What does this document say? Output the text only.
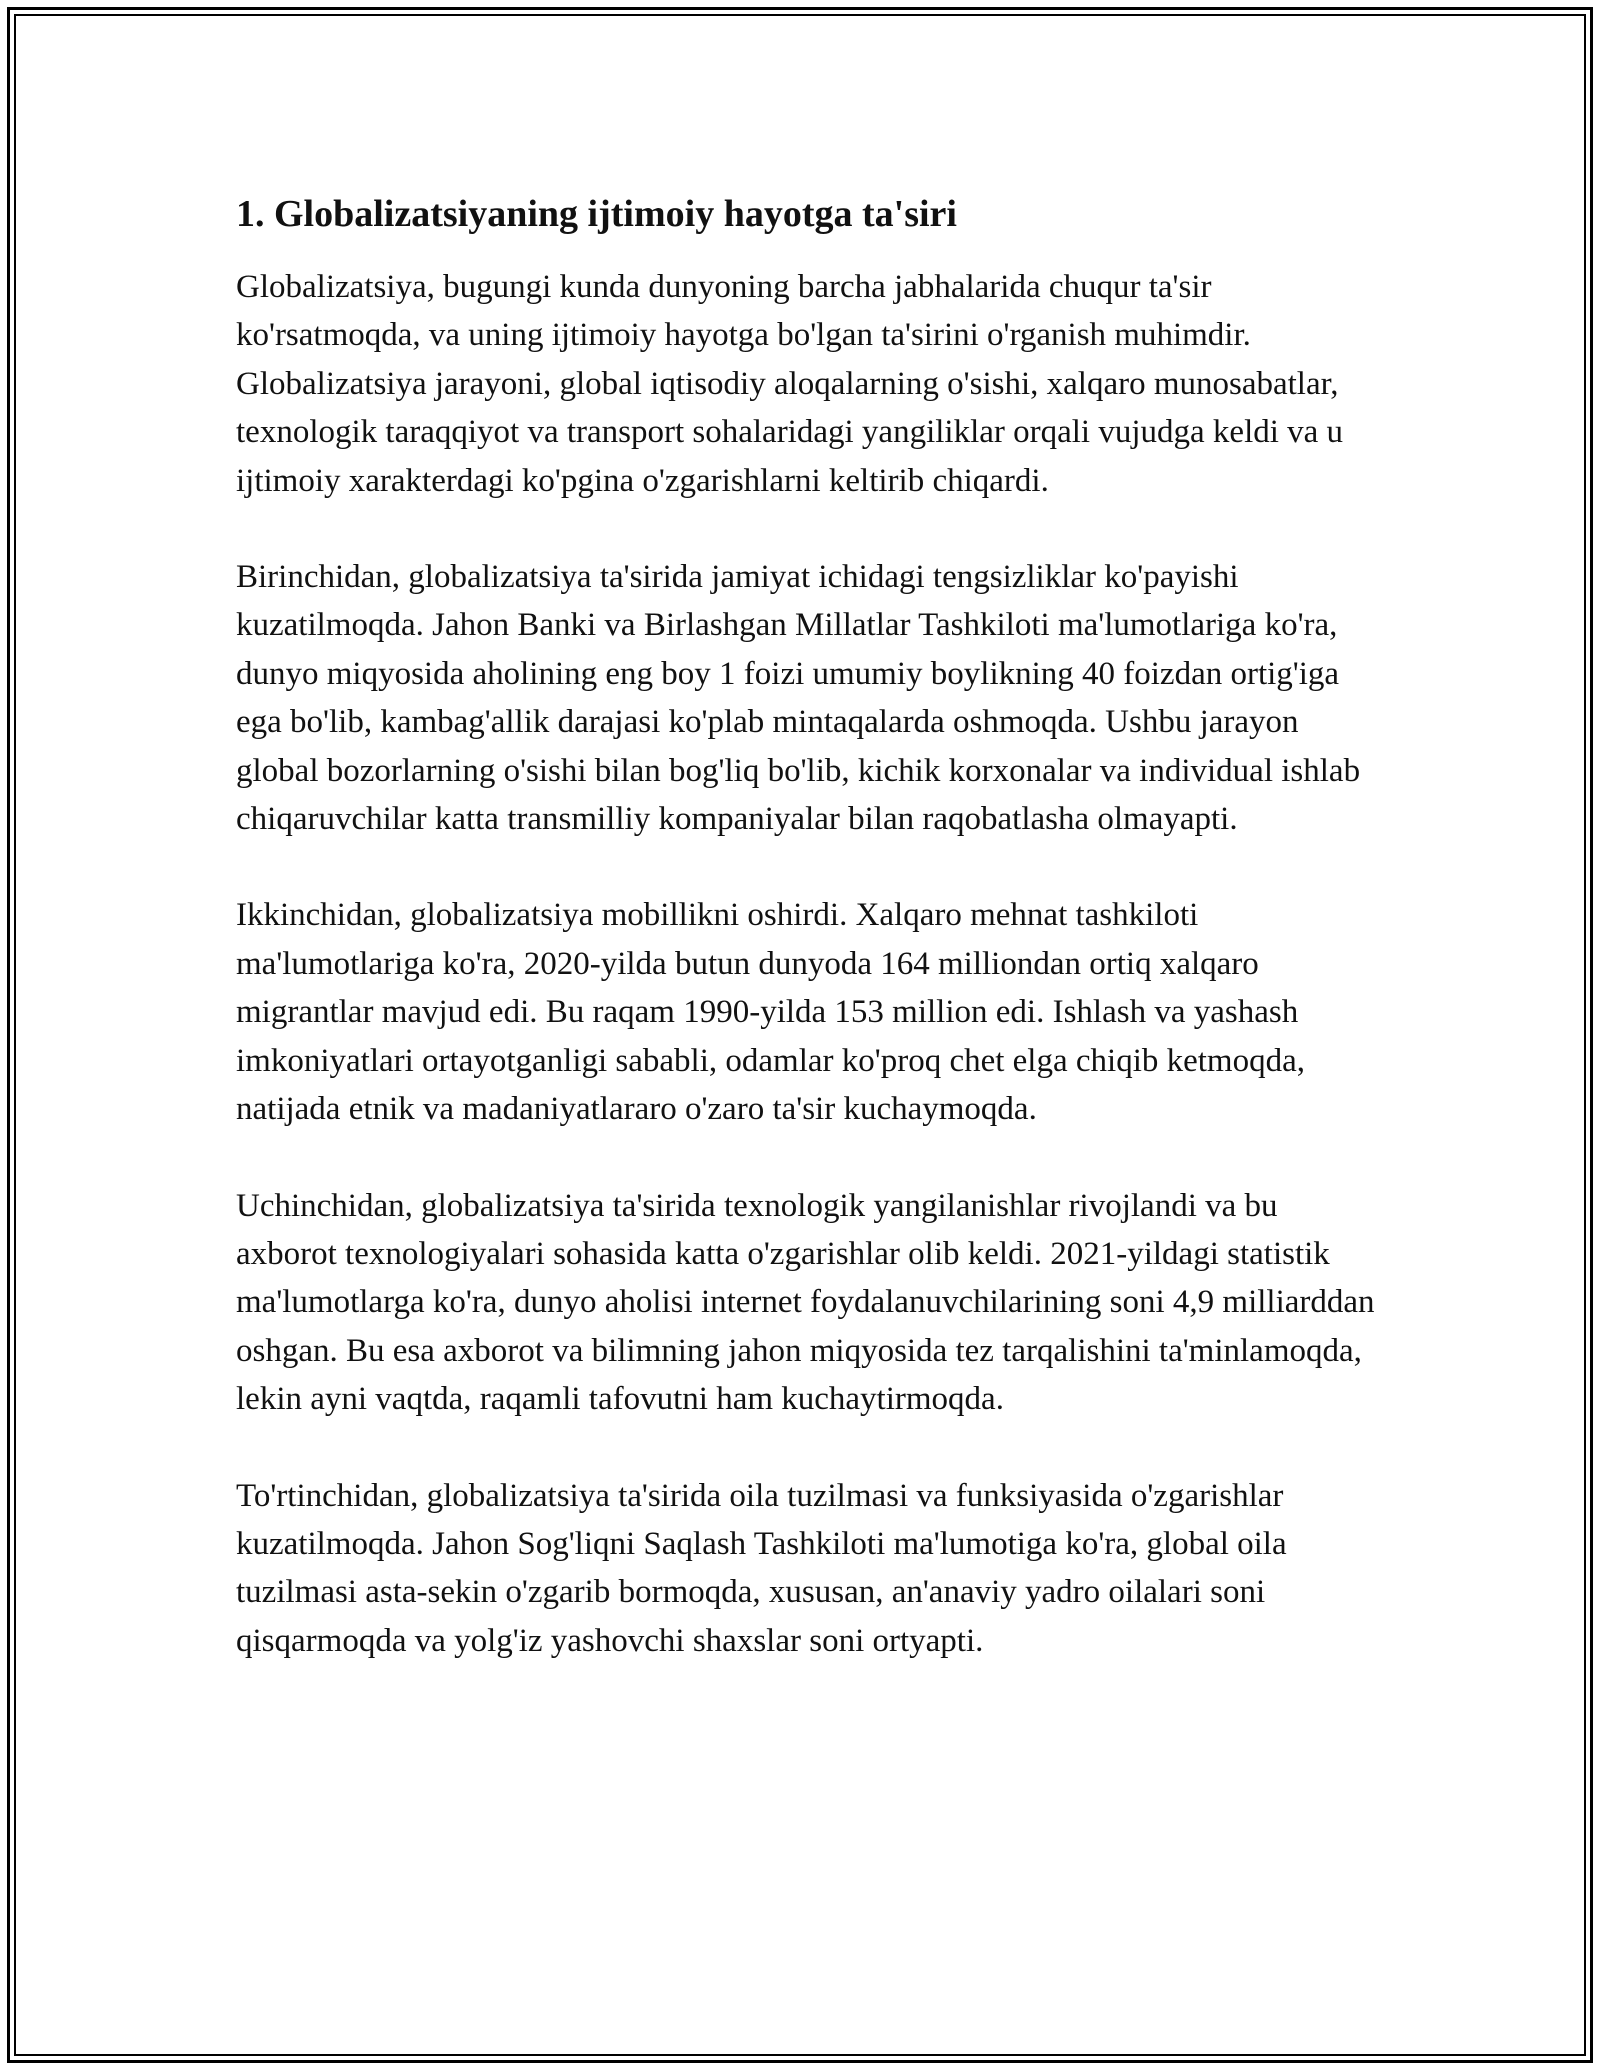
1. Globalizatsiyaning ijtimoiy hayotga ta'siri

Globalizatsiya, bugungi kunda dunyoning barcha jabhalarida chuqur ta'sir ko'rsatmoqda, va uning ijtimoiy hayotga bo'lgan ta'sirini o'rganish muhimdir. Globalizatsiya jarayoni, global iqtisodiy aloqalarning o'sishi, xalqaro munosabatlar, texnologik taraqqiyot va transport sohalaridagi yangiliklar orqali vujudga keldi va u ijtimoiy xarakterdagi ko'pgina o'zgarishlarni keltirib chiqardi.

Birinchidan, globalizatsiya ta'sirida jamiyat ichidagi tengsizliklar ko'payishi kuzatilmoqda. Jahon Banki va Birlashgan Millatlar Tashkiloti ma'lumotlariga ko'ra, dunyo miqyosida aholining eng boy 1 foizi umumiy boylikning 40 foizdan ortig'iga ega bo'lib, kambag'allik darajasi ko'plab mintaqalarda oshmoqda. Ushbu jarayon global bozorlarning o'sishi bilan bog'liq bo'lib, kichik korxonalar va individual ishlab chiqaruvchilar katta transmilliy kompaniyalar bilan raqobatlasha olmayapti.

Ikkinchidan, globalizatsiya mobillikni oshirdi. Xalqaro mehnat tashkiloti ma'lumotlariga ko'ra, 2020-yilda butun dunyoda 164 milliondan ortiq xalqaro migrantlar mavjud edi. Bu raqam 1990-yilda 153 million edi. Ishlash va yashash imkoniyatlari ortayotganligi sababli, odamlar ko'proq chet elga chiqib ketmoqda, natijada etnik va madaniyatlararo o'zaro ta'sir kuchaymoqda.

Uchinchidan, globalizatsiya ta'sirida texnologik yangilanishlar rivojlandi va bu axborot texnologiyalari sohasida katta o'zgarishlar olib keldi. 2021-yildagi statistik ma'lumotlarga ko'ra, dunyo aholisi internet foydalanuvchilarining soni 4,9 milliarddan oshgan. Bu esa axborot va bilimning jahon miqyosida tez tarqalishini ta'minlamoqda, lekin ayni vaqtda, raqamli tafovutni ham kuchaytirmoqda.

To'rtinchidan, globalizatsiya ta'sirida oila tuzilmasi va funksiyasida o'zgarishlar kuzatilmoqda. Jahon Sog'liqni Saqlash Tashkiloti ma'lumotiga ko'ra, global oila tuzilmasi asta-sekin o'zgarib bormoqda, xususan, an'anaviy yadro oilalari soni qisqarmoqda va yolg'iz yashovchi shaxslar soni ortyapti.
